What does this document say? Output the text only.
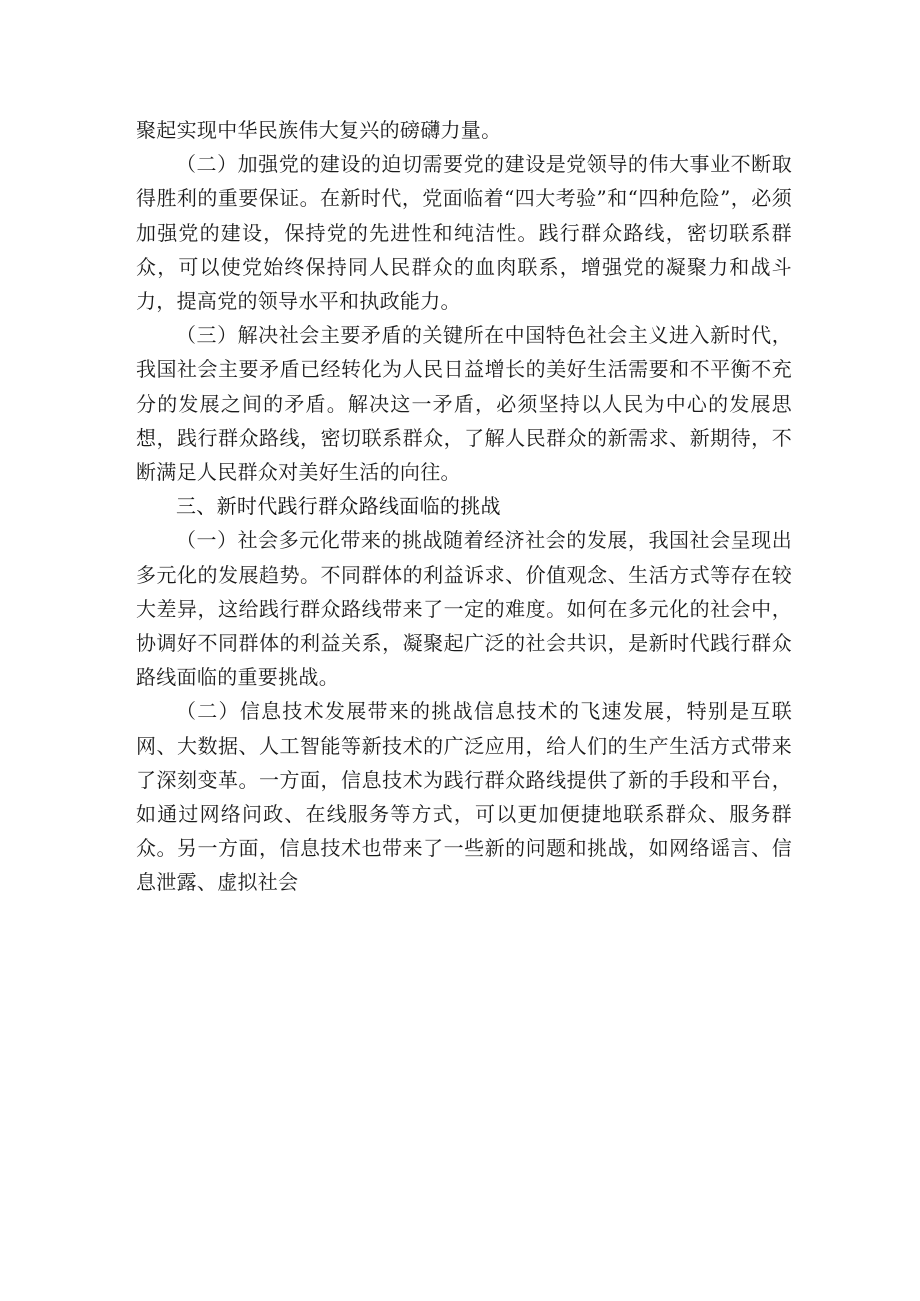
聚起实现中华民族伟大复兴的磅礴力量。

（二）加强党的建设的迫切需要党的建设是党领导的伟大事业不断取得胜利的重要保证。在新时代，党面临着“四大考验”和“四种危险”，必须加强党的建设，保持党的先进性和纯洁性。践行群众路线，密切联系群众，可以使党始终保持同人民群众的血肉联系，增强党的凝聚力和战斗力，提高党的领导水平和执政能力。

（三）解决社会主要矛盾的关键所在中国特色社会主义进入新时代，我国社会主要矛盾已经转化为人民日益增长的美好生活需要和不平衡不充分的发展之间的矛盾。解决这一矛盾，必须坚持以人民为中心的发展思想，践行群众路线，密切联系群众，了解人民群众的新需求、新期待，不断满足人民群众对美好生活的向往。

三、新时代践行群众路线面临的挑战

（一）社会多元化带来的挑战随着经济社会的发展，我国社会呈现出多元化的发展趋势。不同群体的利益诉求、价值观念、生活方式等存在较大差异，这给践行群众路线带来了一定的难度。如何在多元化的社会中，协调好不同群体的利益关系，凝聚起广泛的社会共识，是新时代践行群众路线面临的重要挑战。

（二）信息技术发展带来的挑战信息技术的飞速发展，特别是互联网、大数据、人工智能等新技术的广泛应用，给人们的生产生活方式带来了深刻变革。一方面，信息技术为践行群众路线提供了新的手段和平台，如通过网络问政、在线服务等方式，可以更加便捷地联系群众、服务群众。另一方面，信息技术也带来了一些新的问题和挑战，如网络谣言、信息泄露、虚拟社会
